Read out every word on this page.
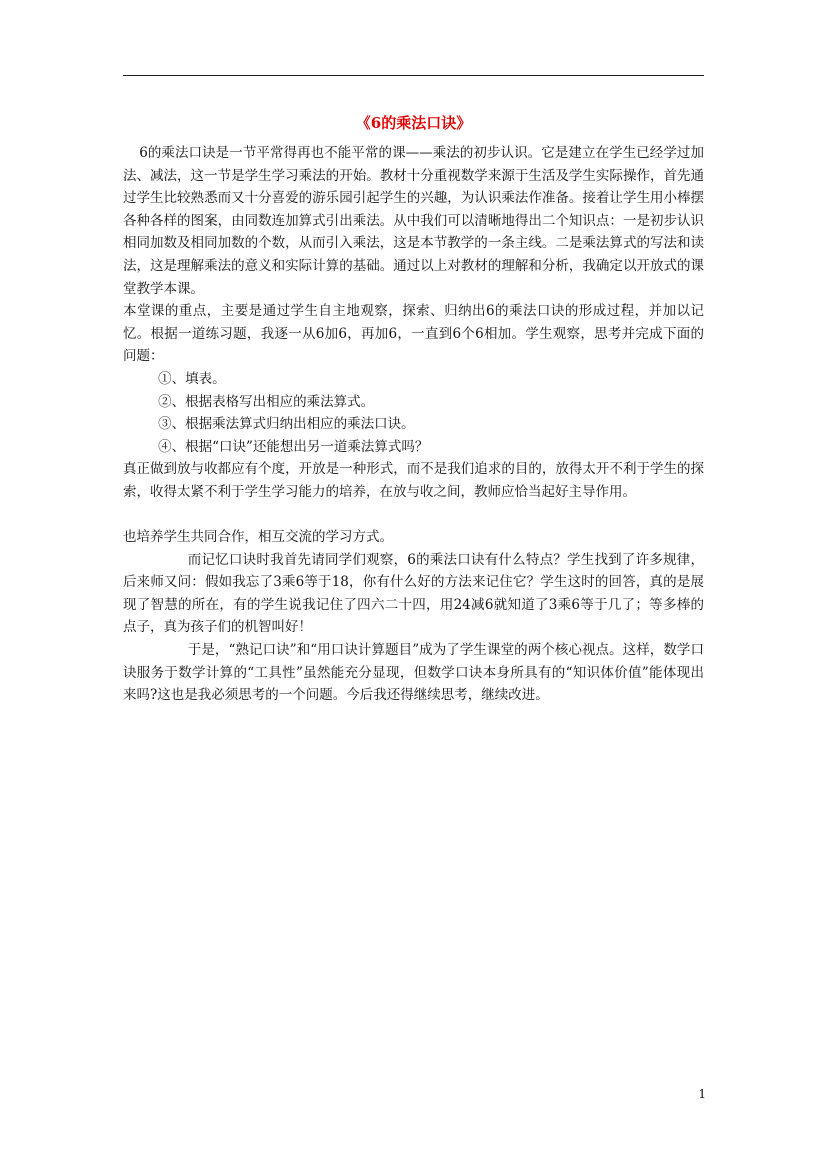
《6的乘法口诀》

6的乘法口诀是一节平常得再也不能平常的课——乘法的初步认识。它是建立在学生已经学过加法、减法，这一节是学生学习乘法的开始。教材十分重视数学来源于生活及学生实际操作，首先通过学生比较熟悉而又十分喜爱的游乐园引起学生的兴趣，为认识乘法作准备。接着让学生用小棒摆各种各样的图案，由同数连加算式引出乘法。从中我们可以清晰地得出二个知识点：一是初步认识相同加数及相同加数的个数，从而引入乘法，这是本节教学的一条主线。二是乘法算式的写法和读法，这是理解乘法的意义和实际计算的基础。通过以上对教材的理解和分析，我确定以开放式的课堂教学本课。

本堂课的重点，主要是通过学生自主地观察，探索、归纳出6的乘法口诀的形成过程，并加以记忆。根据一道练习题，我逐一从6加6，再加6，一直到6个6相加。学生观察，思考并完成下面的问题：

①、填表。

②、根据表格写出相应的乘法算式。

③、根据乘法算式归纳出相应的乘法口诀。

④、根据“口诀”还能想出另一道乘法算式吗？

真正做到放与收都应有个度，开放是一种形式，而不是我们追求的目的，放得太开不利于学生的探索，收得太紧不利于学生学习能力的培养，在放与收之间，教师应恰当起好主导作用。

也培养学生共同合作，相互交流的学习方式。

而记忆口诀时我首先请同学们观察，6的乘法口诀有什么特点？学生找到了许多规律，后来师又问：假如我忘了3乘6等于18，你有什么好的方法来记住它？学生这时的回答，真的是展现了智慧的所在，有的学生说我记住了四六二十四，用24减6就知道了3乘6等于几了；等多棒的点子，真为孩子们的机智叫好！

于是，“熟记口诀”和“用口诀计算题目”成为了学生课堂的两个核心视点。这样，数学口诀服务于数学计算的“工具性”虽然能充分显现，但数学口诀本身所具有的“知识体价值”能体现出来吗?这也是我必须思考的一个问题。今后我还得继续思考，继续改进。

1
